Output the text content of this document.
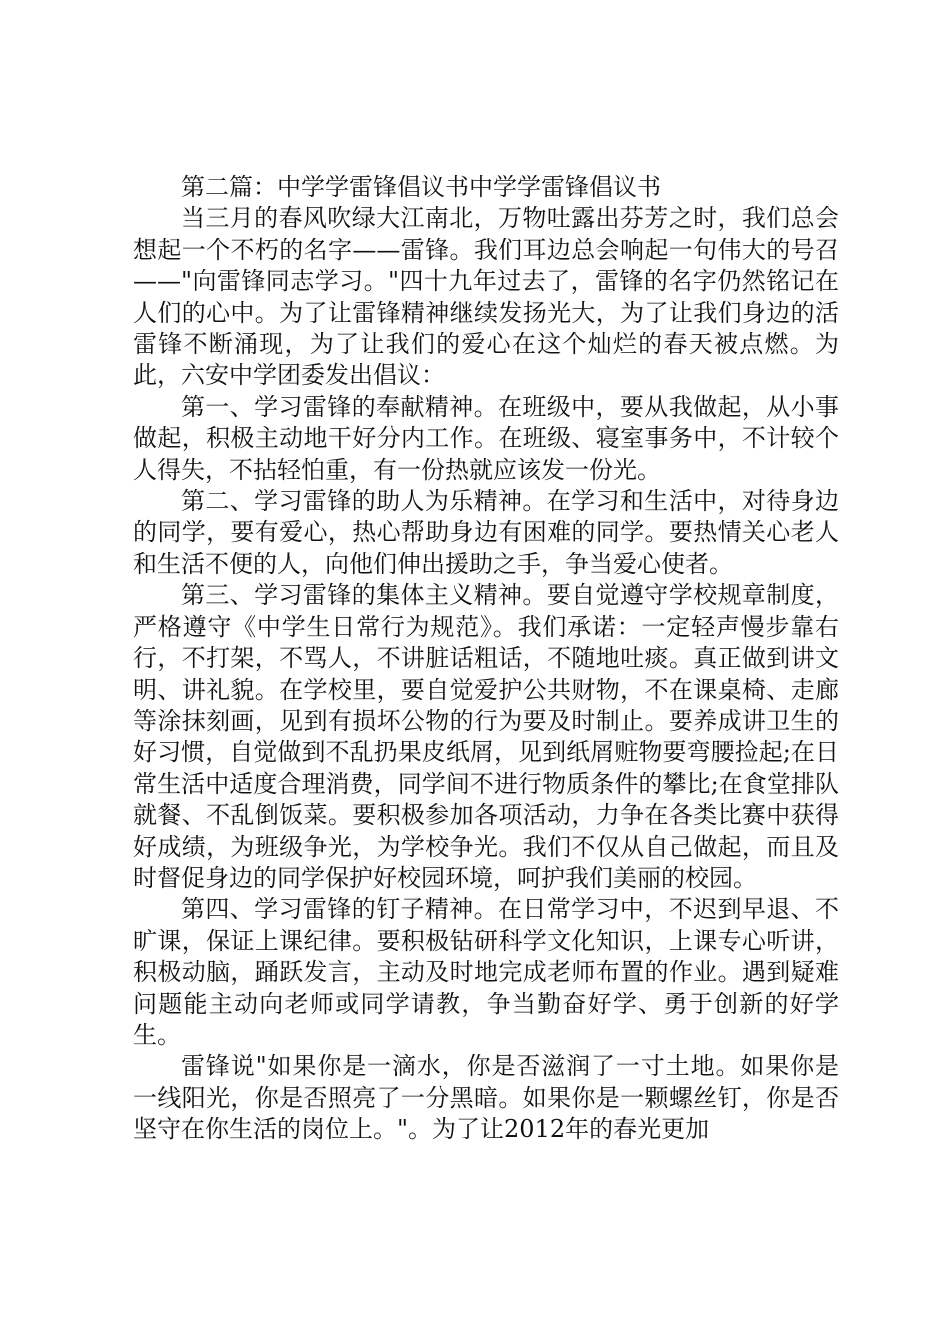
第二篇：中学学雷锋倡议书中学学雷锋倡议书

当三月的春风吹绿大江南北，万物吐露出芬芳之时，我们总会想起一个不朽的名字——雷锋。我们耳边总会响起一句伟大的号召——"向雷锋同志学习。"四十九年过去了，雷锋的名字仍然铭记在人们的心中。为了让雷锋精神继续发扬光大，为了让我们身边的活雷锋不断涌现，为了让我们的爱心在这个灿烂的春天被点燃。为此，六安中学团委发出倡议：

第一、学习雷锋的奉献精神。在班级中，要从我做起，从小事做起，积极主动地干好分内工作。在班级、寝室事务中，不计较个人得失，不拈轻怕重，有一份热就应该发一份光。

第二、学习雷锋的助人为乐精神。在学习和生活中，对待身边的同学，要有爱心，热心帮助身边有困难的同学。要热情关心老人和生活不便的人，向他们伸出援助之手，争当爱心使者。

第三、学习雷锋的集体主义精神。要自觉遵守学校规章制度，严格遵守《中学生日常行为规范》。我们承诺：一定轻声慢步靠右行，不打架，不骂人，不讲脏话粗话，不随地吐痰。真正做到讲文明、讲礼貌。在学校里，要自觉爱护公共财物，不在课桌椅、走廊等涂抹刻画，见到有损坏公物的行为要及时制止。要养成讲卫生的好习惯，自觉做到不乱扔果皮纸屑，见到纸屑赃物要弯腰捡起;在日常生活中适度合理消费，同学间不进行物质条件的攀比;在食堂排队就餐、不乱倒饭菜。要积极参加各项活动，力争在各类比赛中获得好成绩，为班级争光，为学校争光。我们不仅从自己做起，而且及时督促身边的同学保护好校园环境，呵护我们美丽的校园。

第四、学习雷锋的钉子精神。在日常学习中，不迟到早退、不旷课，保证上课纪律。要积极钻研科学文化知识，上课专心听讲，积极动脑，踊跃发言，主动及时地完成老师布置的作业。遇到疑难问题能主动向老师或同学请教，争当勤奋好学、勇于创新的好学生。

雷锋说"如果你是一滴水，你是否滋润了一寸土地。如果你是一线阳光，你是否照亮了一分黑暗。如果你是一颗螺丝钉，你是否坚守在你生活的岗位上。"。为了让2012年的春光更加
